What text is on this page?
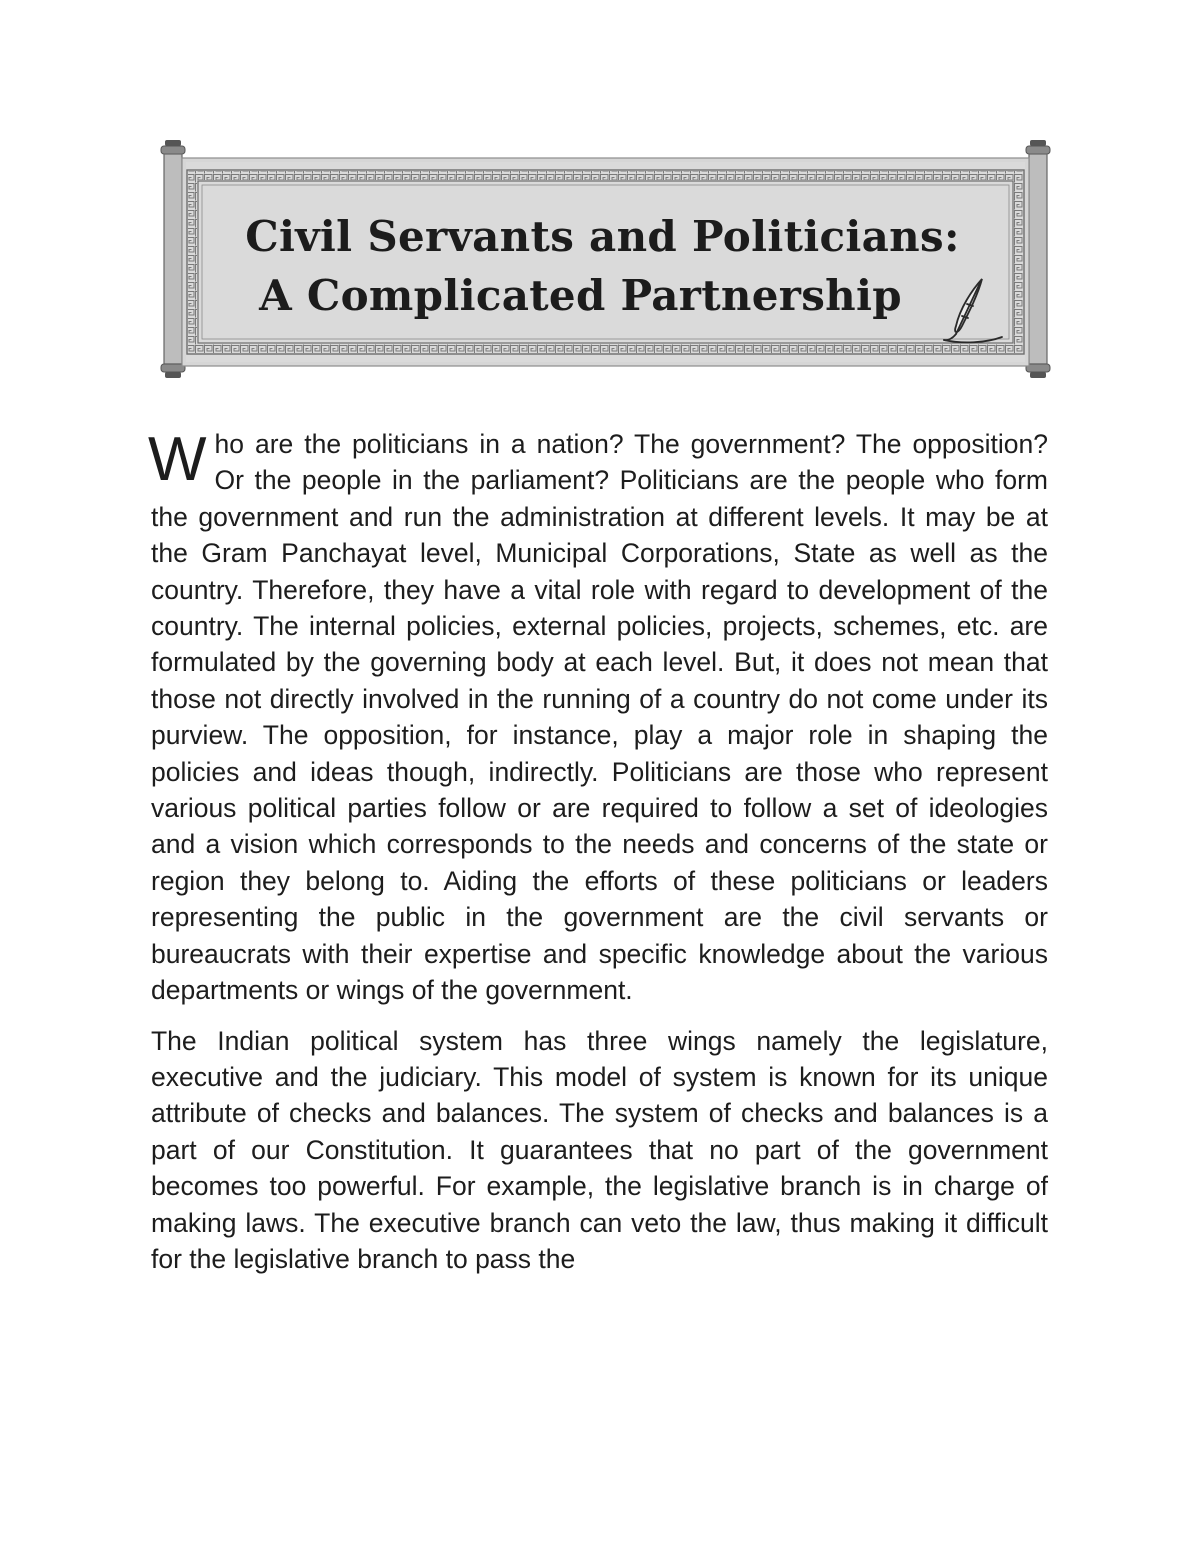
Civil Servants and Politicians:
A Complicated Partnership

Who are the politicians in a nation? The government? The opposition? Or the people in the parliament? Politicians are the people who form the government and run the administration at different levels. It may be at the Gram Panchayat level, Municipal Corporations, State as well as the country. Therefore, they have a vital role with regard to development of the country. The internal policies, external policies, projects, schemes, etc. are formulated by the governing body at each level. But, it does not mean that those not directly involved in the running of a country do not come under its purview. The opposition, for instance, play a major role in shaping the policies and ideas though, indirectly. Politicians are those who represent various political parties follow or are required to follow a set of ideologies and a vision which corresponds to the needs and concerns of the state or region they belong to. Aiding the efforts of these politicians or leaders representing the public in the government are the civil servants or bureaucrats with their expertise and specific knowledge about the various departments or wings of the government.

The Indian political system has three wings namely the legislature, executive and the judiciary. This model of system is known for its unique attribute of checks and balances. The system of checks and balances is a part of our Constitution. It guarantees that no part of the government becomes too powerful. For example, the legislative branch is in charge of making laws. The executive branch can veto the law, thus making it difficult for the legislative branch to pass the
